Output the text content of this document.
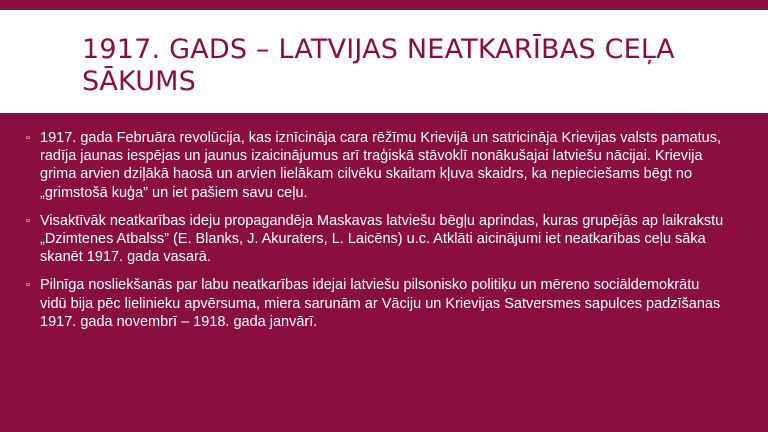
1917. GADS – LATVIJAS NEATKARĪBAS CEĻA SĀKUMS
▫ 1917. gada Februāra revolūcija, kas iznīcināja cara rēžīmu Krievijā un satricināja Krievijas valsts pamatus, radīja jaunas iespējas un jaunus izaicinājumus arī traģiskā stāvoklī nonākušajai latviešu nācijai. Krievija grima arvien dziļākā haosā un arvien lielākam cilvēku skaitam kļuva skaidrs, ka nepieciešams bēgt no „grimstošā kuģa” un iet pašiem savu ceļu.
▫ Visaktīvāk neatkarības ideju propagandēja Maskavas latviešu bēgļu aprindas, kuras grupējās ap laikrakstu „Dzimtenes Atbalss” (E. Blanks, J. Akuraters, L. Laicēns) u.c. Atklāti aicinājumi iet neatkarības ceļu sāka skanēt 1917. gada vasarā.
▫ Pilnīga nosliekšanās par labu neatkarības idejai latviešu pilsonisko politiķu un mēreno sociāldemokrātu vidū bija pēc lielinieku apvērsuma, miera sarunām ar Vāciju un Krievijas Satversmes sapulces padzīšanas 1917. gada novembrī – 1918. gada janvārī.
